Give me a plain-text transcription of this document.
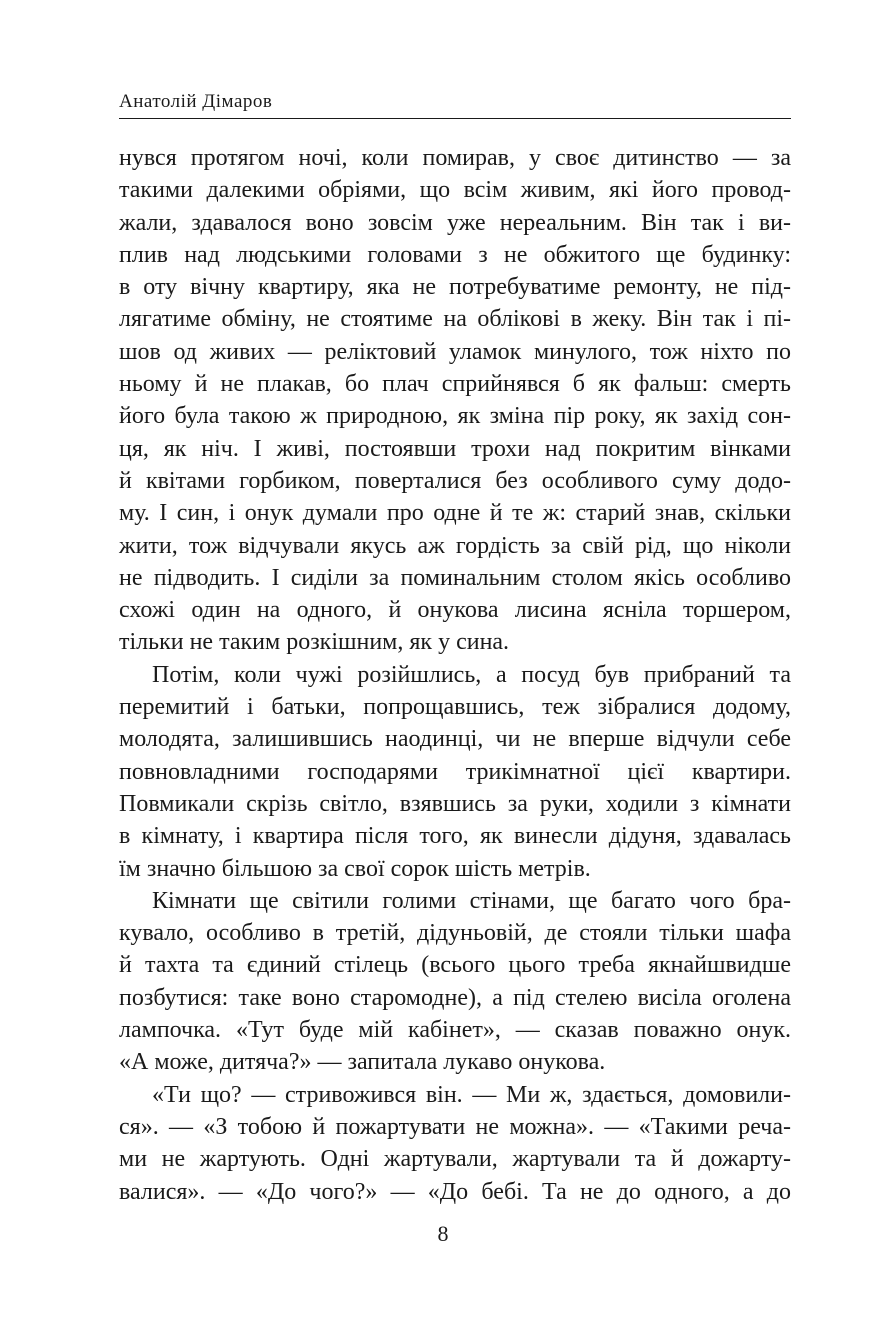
Анатолій Дімаров
нувся протягом ночі, коли помирав, у своє дитинство — за
такими далекими обріями, що всім живим, які його провод-
жали, здавалося воно зовсім уже нереальним. Він так і ви-
плив над людськими головами з не обжитого ще будинку:
в оту вічну квартиру, яка не потребуватиме ремонту, не під-
лягатиме обміну, не стоятиме на облікові в жеку. Він так і пі-
шов од живих — реліктовий уламок минулого, тож ніхто по
ньому й не плакав, бо плач сприйнявся б як фальш: смерть
його була такою ж природною, як зміна пір року, як захід сон-
ця, як ніч. І живі, постоявши трохи над покритим вінками
й квітами горбиком, поверталися без особливого суму додо-
му. І син, і онук думали про одне й те ж: старий знав, скільки
жити, тож відчували якусь аж гордість за свій рід, що ніколи
не підводить. І сиділи за поминальним столом якісь особливо
схожі один на одного, й онукова лисина ясніла торшером,
тільки не таким розкішним, як у сина.
Потім, коли чужі розійшлись, а посуд був прибраний та
перемитий і батьки, попрощавшись, теж зібралися додому,
молодята, залишившись наодинці, чи не вперше відчули себе
повновладними господарями трикімнатної цієї квартири.
Повмикали скрізь світло, взявшись за руки, ходили з кімнати
в кімнату, і квартира після того, як винесли дідуня, здавалась
їм значно більшою за свої сорок шість метрів.
Кімнати ще світили голими стінами, ще багато чого бра-
кувало, особливо в третій, дідуньовій, де стояли тільки шафа
й тахта та єдиний стілець (всього цього треба якнайшвидше
позбутися: таке воно старомодне), а під стелею висіла оголена
лампочка. «Тут буде мій кабінет», — сказав поважно онук.
«А може, дитяча?» — запитала лукаво онукова.
«Ти що? — стривожився він. — Ми ж, здається, домовили-
ся». — «З тобою й пожартувати не можна». — «Такими реча-
ми не жартують. Одні жартували, жартували та й дожарту-
валися». — «До чого?» — «До бебі. Та не до одного, а до
8
